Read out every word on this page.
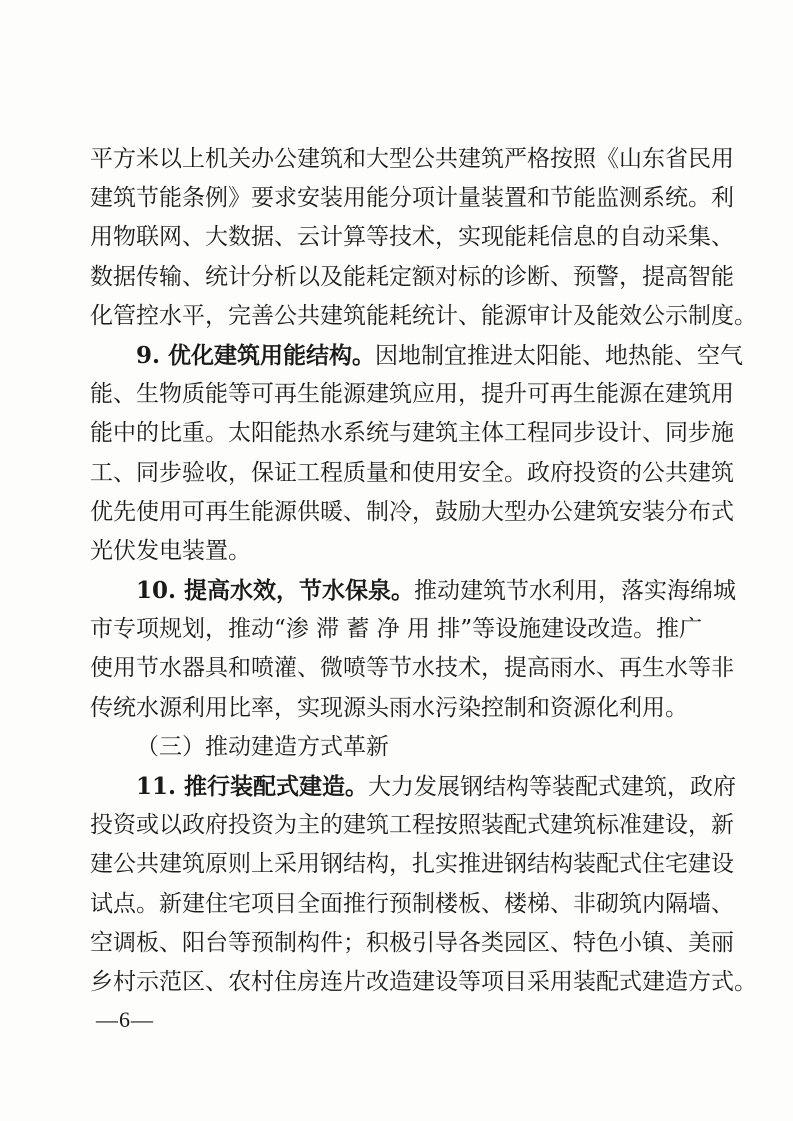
平方米以上机关办公建筑和大型公共建筑严格按照《山东省民用
建筑节能条例》要求安装用能分项计量装置和节能监测系统。利
用物联网、大数据、云计算等技术，实现能耗信息的自动采集、
数据传输、统计分析以及能耗定额对标的诊断、预警，提高智能
化管控水平，完善公共建筑能耗统计、能源审计及能效公示制度。
9. 优化建筑用能结构。因地制宜推进太阳能、地热能、空气
能、生物质能等可再生能源建筑应用，提升可再生能源在建筑用
能中的比重。太阳能热水系统与建筑主体工程同步设计、同步施
工、同步验收，保证工程质量和使用安全。政府投资的公共建筑
优先使用可再生能源供暖、制冷，鼓励大型办公建筑安装分布式
光伏发电装置。
10. 提高水效，节水保泉。推动建筑节水利用，落实海绵城
市专项规划，推动“渗 滞 蓄 净 用 排”等设施建设改造。推广
使用节水器具和喷灌、微喷等节水技术，提高雨水、再生水等非
传统水源利用比率，实现源头雨水污染控制和资源化利用。
（三）推动建造方式革新
11. 推行装配式建造。大力发展钢结构等装配式建筑，政府
投资或以政府投资为主的建筑工程按照装配式建筑标准建设，新
建公共建筑原则上采用钢结构，扎实推进钢结构装配式住宅建设
试点。新建住宅项目全面推行预制楼板、楼梯、非砌筑内隔墙、
空调板、阳台等预制构件；积极引导各类园区、特色小镇、美丽
乡村示范区、农村住房连片改造建设等项目采用装配式建造方式。
—6—
